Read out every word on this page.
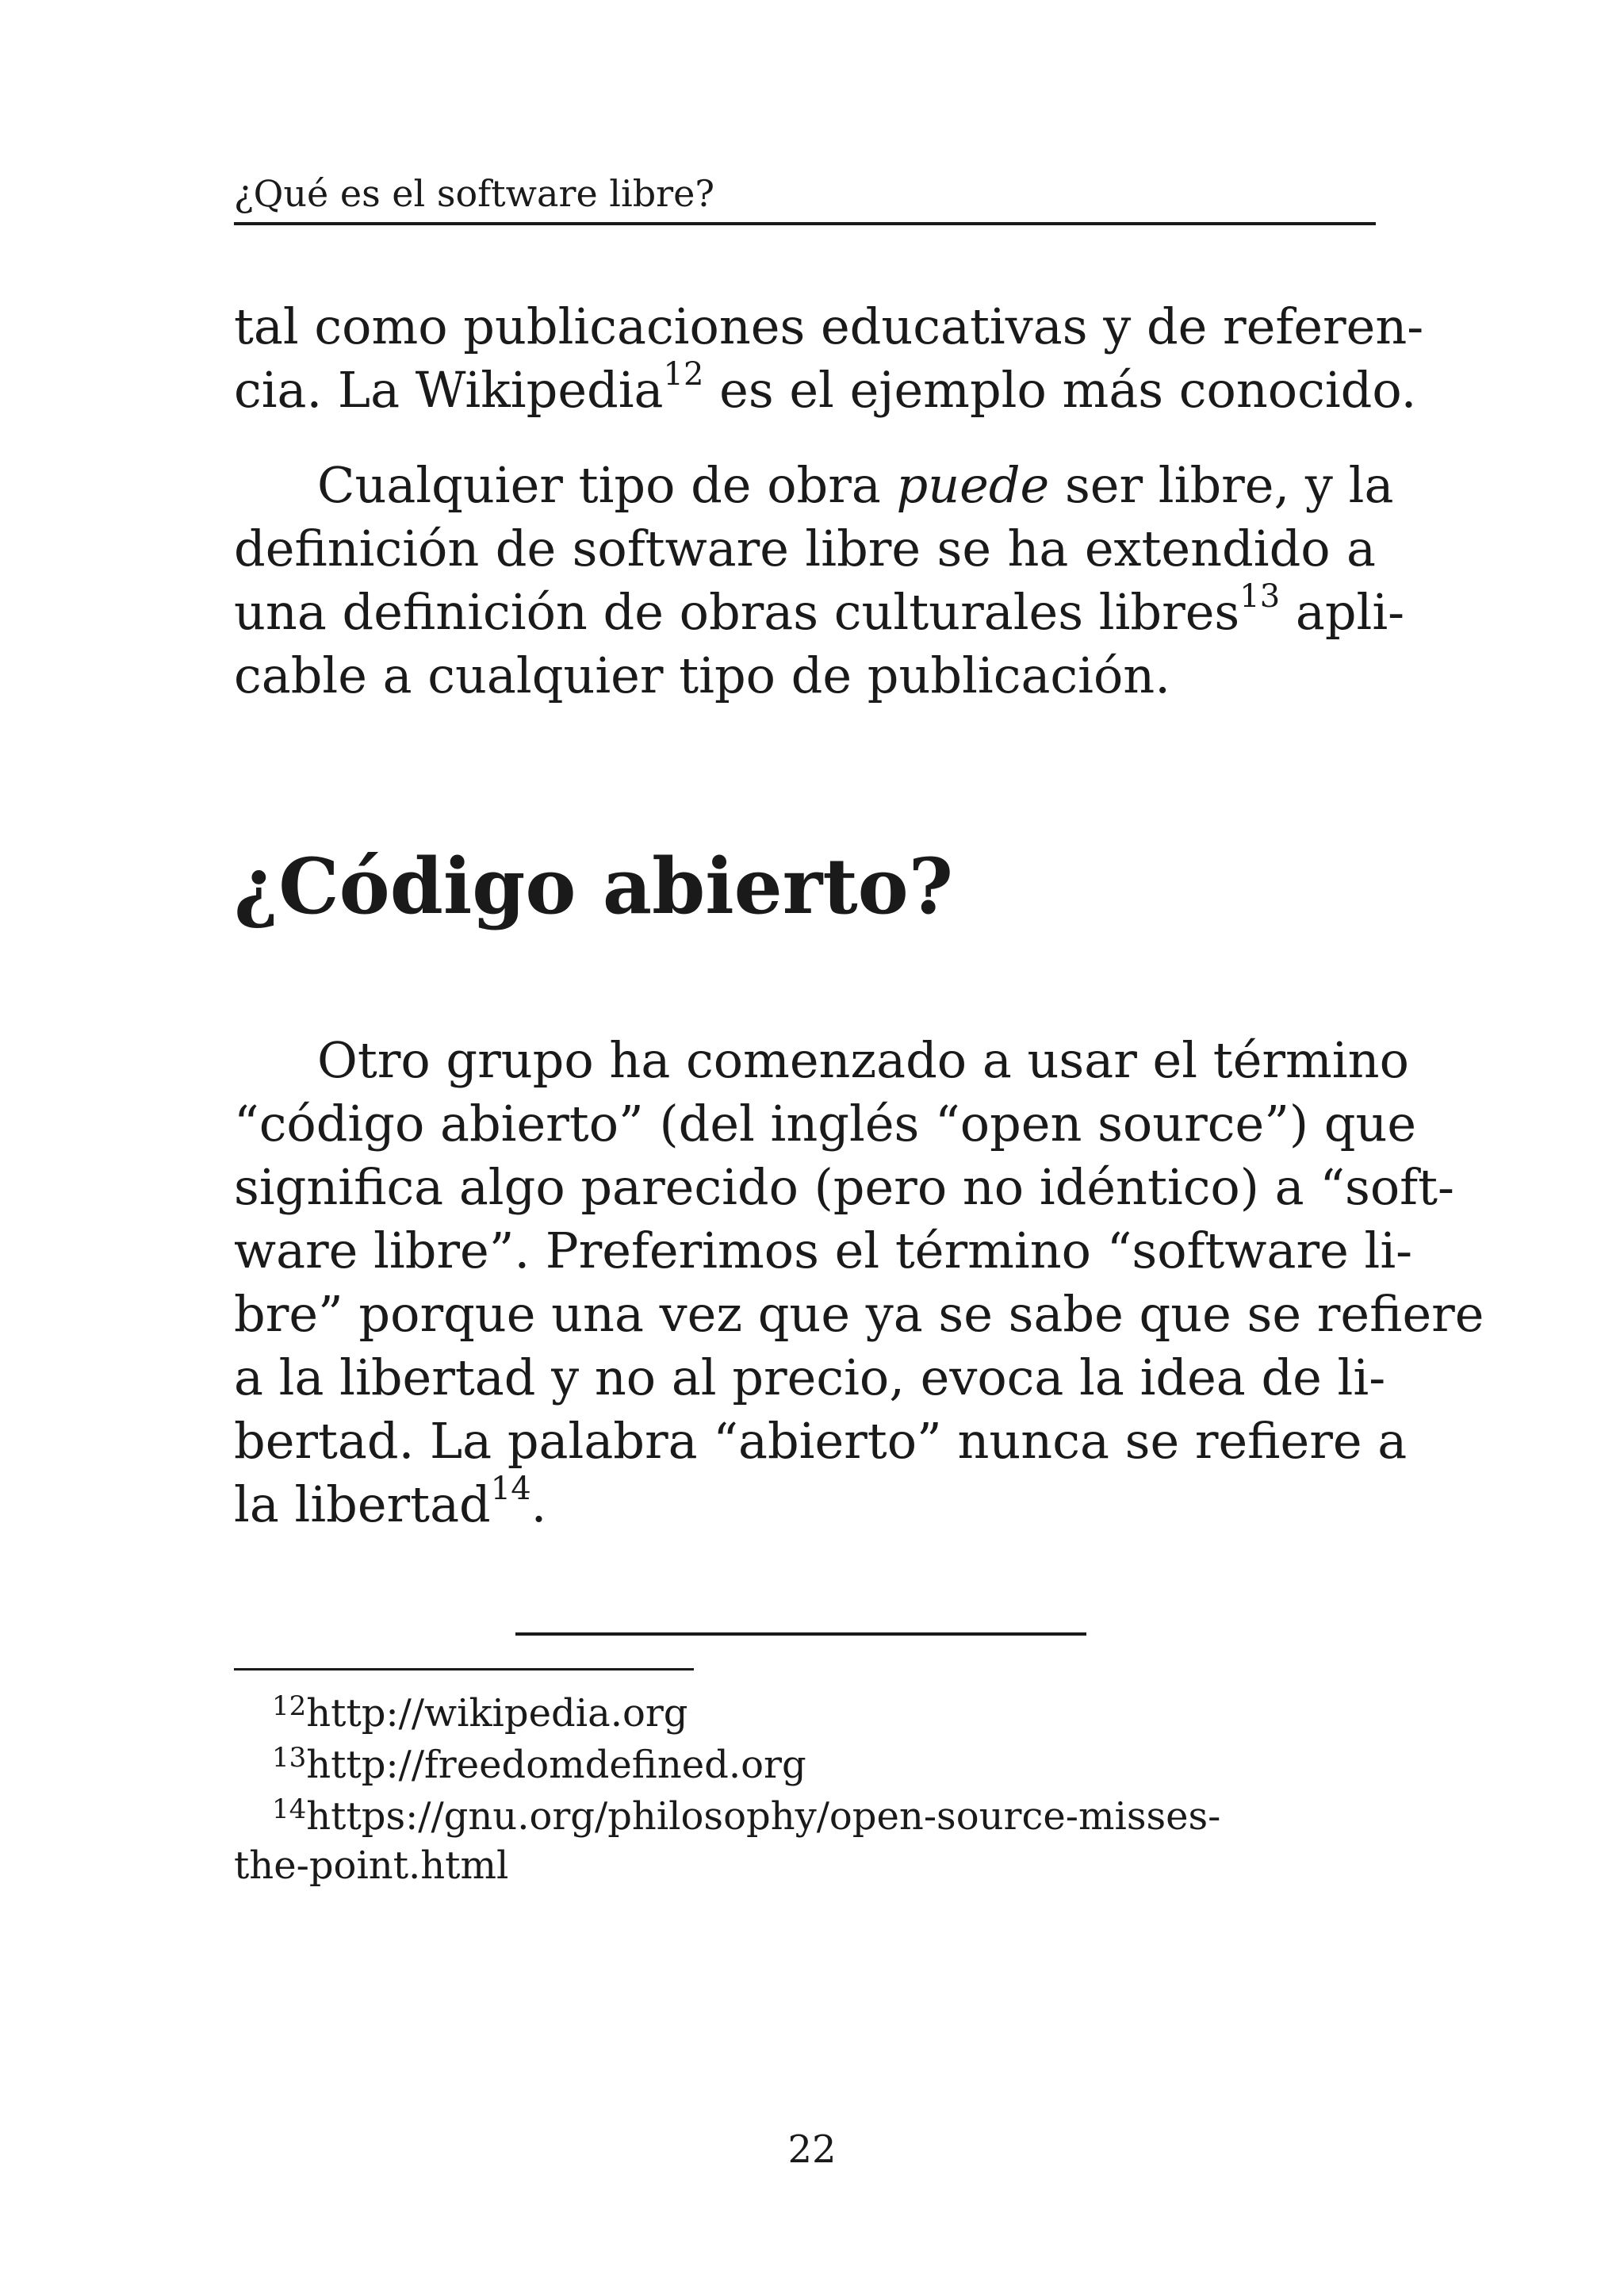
¿Qué es el software libre?
tal como publicaciones educativas y de referen-
cia. La Wikipedia$^{12}$ es el ejemplo más conocido.
Cualquier tipo de obra puede ser libre, y la
definición de software libre se ha extendido a
una definición de obras culturales libres$^{13}$ apli-
cable a cualquier tipo de publicación.
¿Código abierto?
Otro grupo ha comenzado a usar el término
“código abierto” (del inglés “open source”) que
significa algo parecido (pero no idéntico) a “soft-
ware libre”. Preferimos el término “software li-
bre” porque una vez que ya se sabe que se refiere
a la libertad y no al precio, evoca la idea de li-
bertad. La palabra “abierto” nunca se refiere a
la libertad$^{14}$.
$^{12}$http://wikipedia.org
$^{13}$http://freedomdefined.org
$^{14}$https://gnu.org/philosophy/open-source-misses-
the-point.html
22
